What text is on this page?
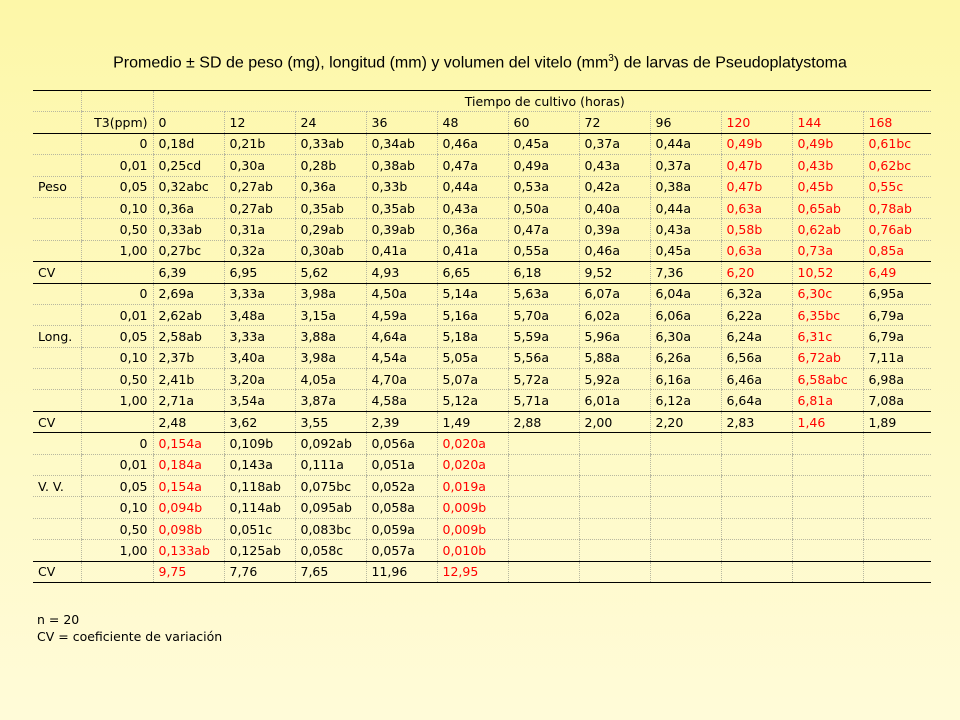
Promedio ± SD de peso (mg), longitud (mm) y volumen del vitelo $(mm^3)$ de larvas de Pseudoplatystoma
		Tiempo de cultivo (horas)										
	T3(ppm)	0	12	24	36	48	60	72	96	120	144	168
	0	0,18d	0,21b	0,33ab	0,34ab	0,46a	0,45a	0,37a	0,44a	0,49b	0,49b	0,61bc
	0,01	0,25cd	0,30a	0,28b	0,38ab	0,47a	0,49a	0,43a	0,37a	0,47b	0,43b	0,62bc
Peso	0,05	0,32abc	0,27ab	0,36a	0,33b	0,44a	0,53a	0,42a	0,38a	0,47b	0,45b	0,55c
	0,10	0,36a	0,27ab	0,35ab	0,35ab	0,43a	0,50a	0,40a	0,44a	0,63a	0,65ab	0,78ab
	0,50	0,33ab	0,31a	0,29ab	0,39ab	0,36a	0,47a	0,39a	0,43a	0,58b	0,62ab	0,76ab
	1,00	0,27bc	0,32a	0,30ab	0,41a	0,41a	0,55a	0,46a	0,45a	0,63a	0,73a	0,85a
CV		6,39	6,95	5,62	4,93	6,65	6,18	9,52	7,36	6,20	10,52	6,49
	0	2,69a	3,33a	3,98a	4,50a	5,14a	5,63a	6,07a	6,04a	6,32a	6,30c	6,95a
	0,01	2,62ab	3,48a	3,15a	4,59a	5,16a	5,70a	6,02a	6,06a	6,22a	6,35bc	6,79a
Long.	0,05	2,58ab	3,33a	3,88a	4,64a	5,18a	5,59a	5,96a	6,30a	6,24a	6,31c	6,79a
	0,10	2,37b	3,40a	3,98a	4,54a	5,05a	5,56a	5,88a	6,26a	6,56a	6,72ab	7,11a
	0,50	2,41b	3,20a	4,05a	4,70a	5,07a	5,72a	5,92a	6,16a	6,46a	6,58abc	6,98a
	1,00	2,71a	3,54a	3,87a	4,58a	5,12a	5,71a	6,01a	6,12a	6,64a	6,81a	7,08a
CV		2,48	3,62	3,55	2,39	1,49	2,88	2,00	2,20	2,83	1,46	1,89
	0	0,154a	0,109b	0,092ab	0,056a	0,020a						
	0,01	0,184a	0,143a	0,111a	0,051a	0,020a						
V. V.	0,05	0,154a	0,118ab	0,075bc	0,052a	0,019a						
	0,10	0,094b	0,114ab	0,095ab	0,058a	0,009b						
	0,50	0,098b	0,051c	0,083bc	0,059a	0,009b						
	1,00	0,133ab	0,125ab	0,058c	0,057a	0,010b						
CV		9,75	7,76	7,65	11,96	12,95						
n = 20
CV = coeficiente de variación
